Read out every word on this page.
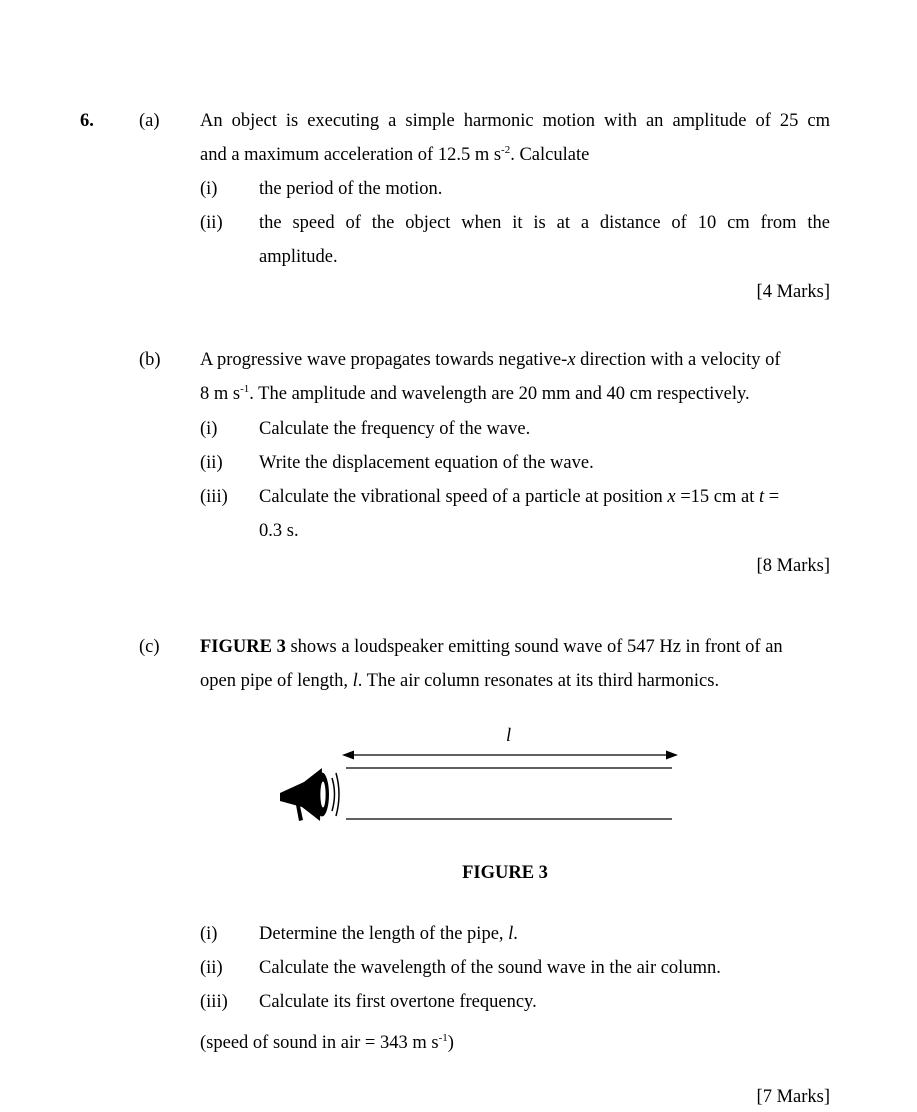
6. (a) An object is executing a simple harmonic motion with an amplitude of 25 cm
and a maximum acceleration of 12.5 m $s^{-2}$. Calculate
(i) the period of the motion.
(ii) the speed of the object when it is at a distance of 10 cm from the
amplitude.
[4 Marks]
(b) A progressive wave propagates towards negative-x direction with a velocity of
8 m $s^{-1}$. The amplitude and wavelength are 20 mm and 40 cm respectively.
(i) Calculate the frequency of the wave.
(ii) Write the displacement equation of the wave.
(iii) Calculate the vibrational speed of a particle at position x =15 cm at t =
0.3 s.
[8 Marks]
(c) FIGURE 3 shows a loudspeaker emitting sound wave of 547 Hz in front of an
open pipe of length, l. The air column resonates at its third harmonics.
l
FIGURE 3
(i) Determine the length of the pipe, l.
(ii) Calculate the wavelength of the sound wave in the air column.
(iii) Calculate its first overtone frequency.
(speed of sound in air = 343 m $s^{-1}$)
[7 Marks]
